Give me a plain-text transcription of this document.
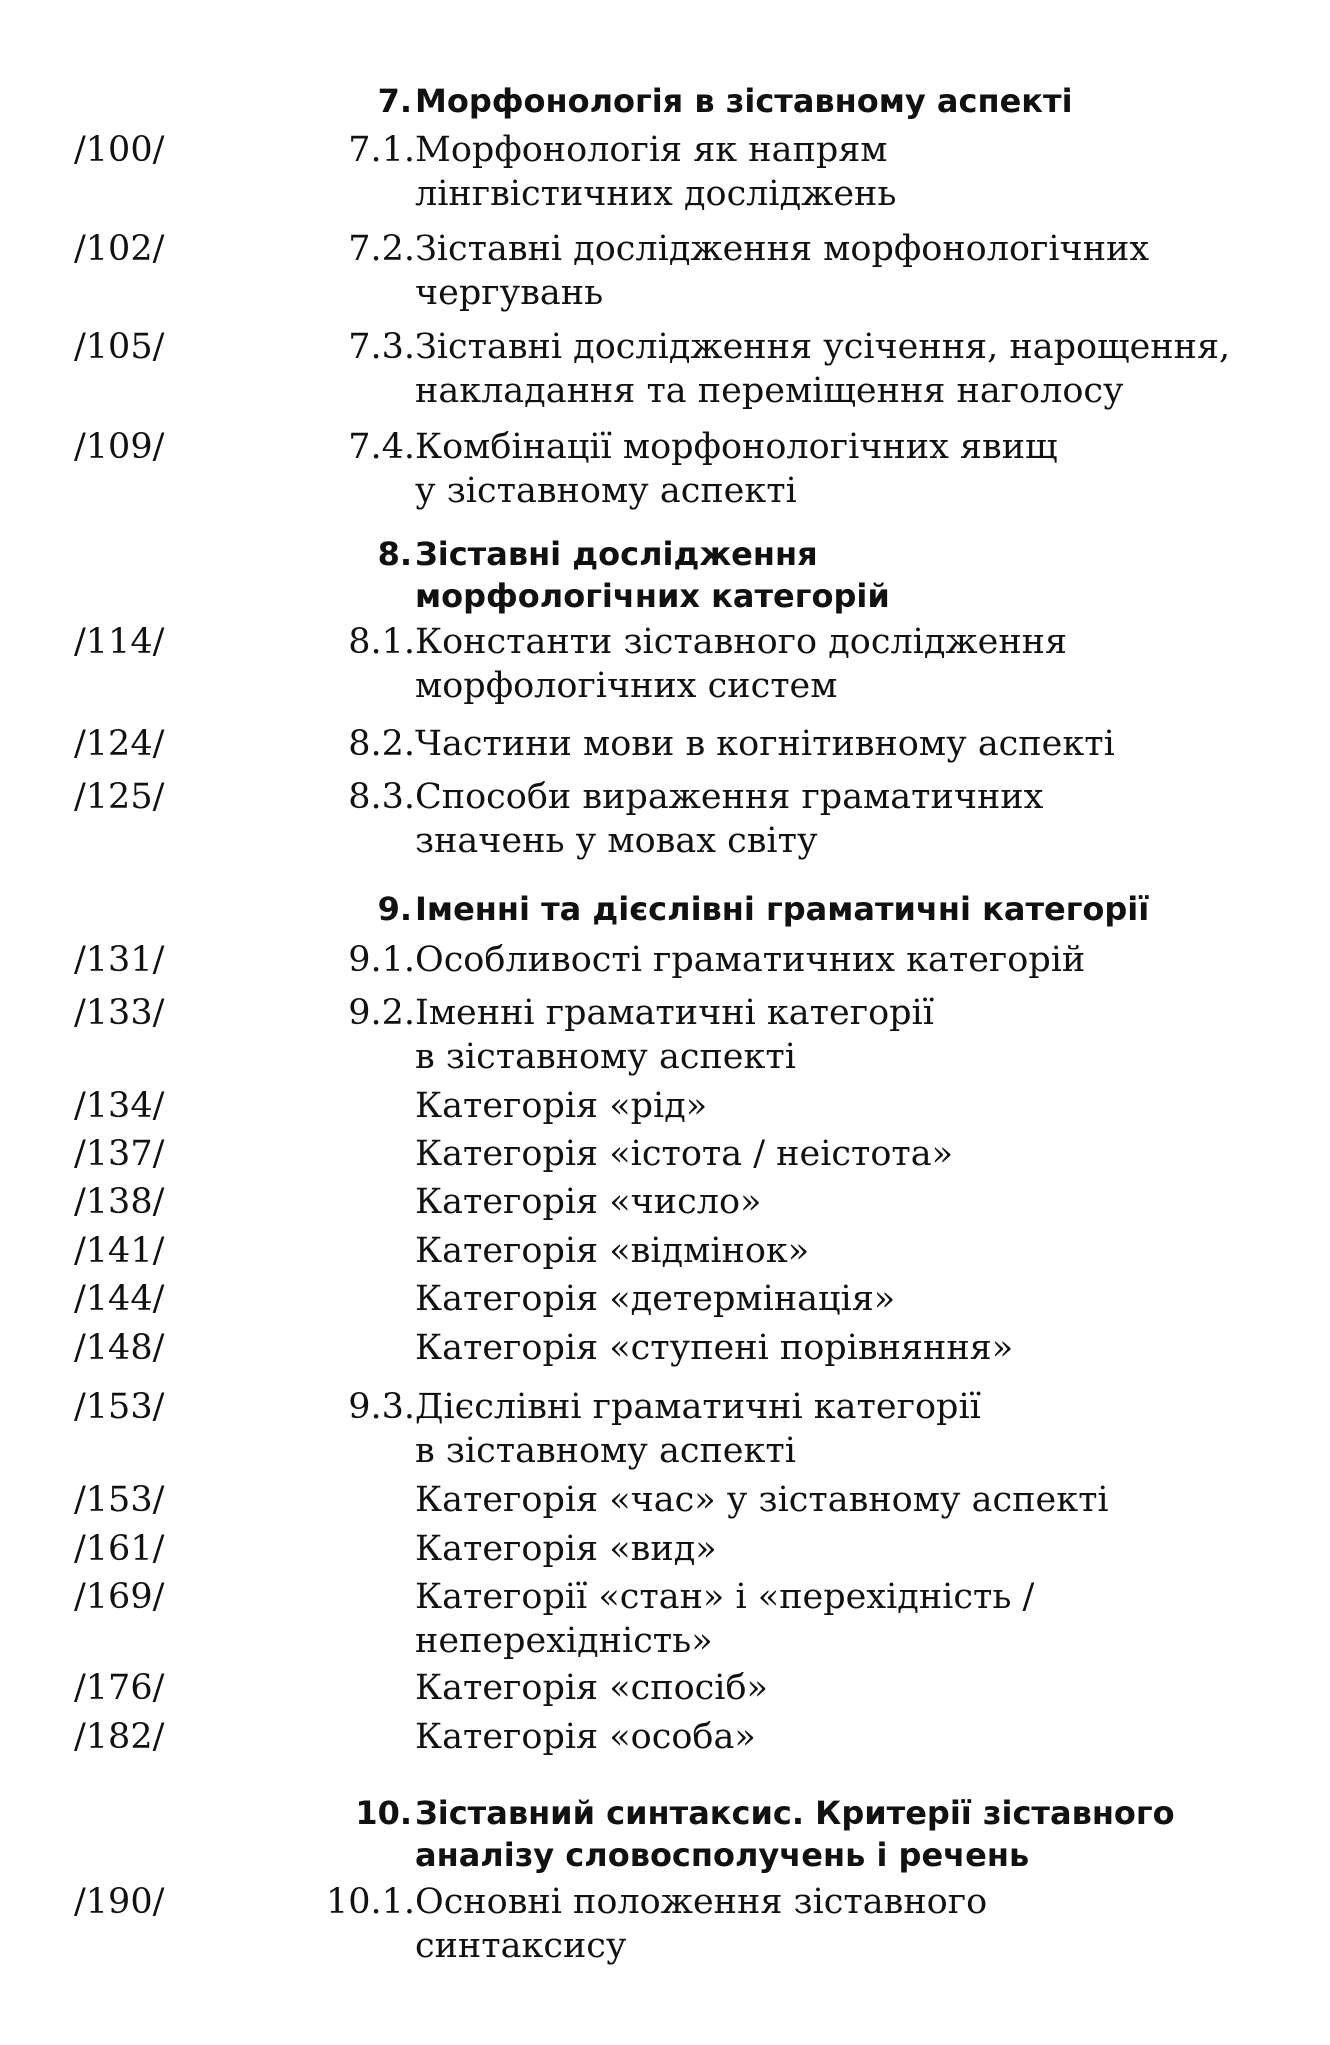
7. Морфонологія в зіставному аспекті
/100/	7.1. Морфонологія як напрям
лінгвістичних досліджень
/102/	7.2. Зіставні дослідження морфонологічних
чергувань
/105/	7.3. Зіставні дослідження усічення, нарощення,
накладання та переміщення наголосу
/109/	7.4. Комбінації морфонологічних явищ
у зіставному аспекті
8. Зіставні дослідження
морфологічних категорій
/114/	8.1. Константи зіставного дослідження
морфологічних систем
/124/	8.2. Частини мови в когнітивному аспекті
/125/	8.3. Способи вираження граматичних
значень у мовах світу
9. Іменні та дієслівні граматичні категорії
/131/	9.1. Особливості граматичних категорій
/133/	9.2. Іменні граматичні категорії
в зіставному аспекті
/134/	Категорія «рід»
/137/	Категорія «істота / неістота»
/138/	Категорія «число»
/141/	Категорія «відмінок»
/144/	Категорія «детермінація»
/148/	Категорія «ступені порівняння»
/153/	9.3. Дієслівні граматичні категорії
в зіставному аспекті
/153/	Категорія «час» у зіставному аспекті
/161/	Категорія «вид»
/169/	Категорії «стан» і «перехідність /
неперехідність»
/176/	Категорія «спосіб»
/182/	Категорія «особа»
10. Зіставний синтаксис. Критерії зіставного
аналізу словосполучень і речень
/190/	10.1. Основні положення зіставного
синтаксису
